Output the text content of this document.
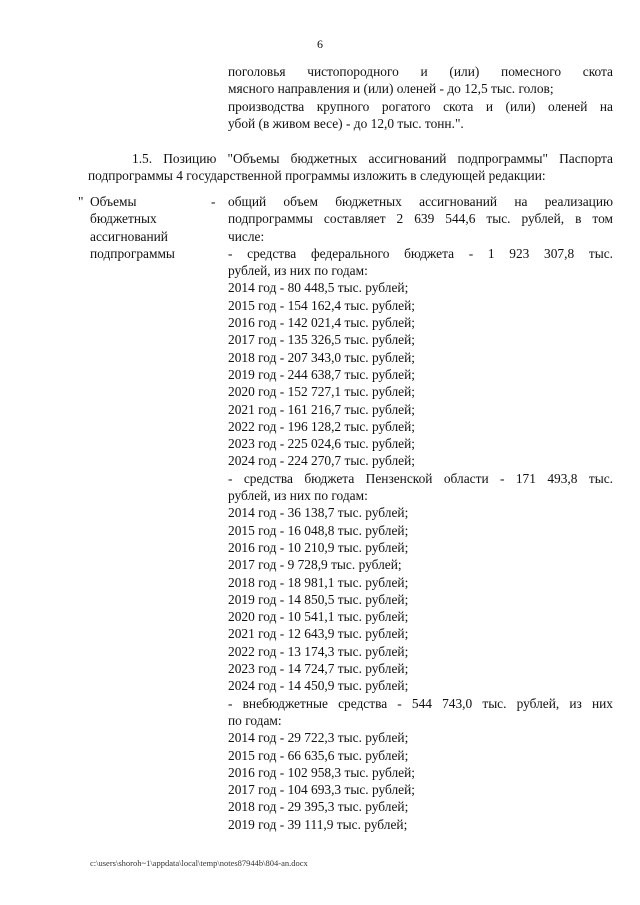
6
поголовья чистопородного и (или) помесного скота
мясного направления и (или) оленей - до 12,5 тыс. голов;
производства крупного рогатого скота и (или) оленей на
убой (в живом весе) - до 12,0 тыс. тонн.".
1.5. Позицию "Объемы бюджетных ассигнований подпрограммы" Паспорта
подпрограммы 4 государственной программы изложить в следующей редакции:
" Объемы
бюджетных
ассигнований
подпрограммы
- общий объем бюджетных ассигнований на реализацию
подпрограммы составляет 2 639 544,6 тыс. рублей, в том
числе:
- средства федерального бюджета - 1 923 307,8 тыс.
рублей, из них по годам:
2014 год - 80 448,5 тыс. рублей;
2015 год - 154 162,4 тыс. рублей;
2016 год - 142 021,4 тыс. рублей;
2017 год - 135 326,5 тыс. рублей;
2018 год - 207 343,0 тыс. рублей;
2019 год - 244 638,7 тыс. рублей;
2020 год - 152 727,1 тыс. рублей;
2021 год - 161 216,7 тыс. рублей;
2022 год - 196 128,2 тыс. рублей;
2023 год - 225 024,6 тыс. рублей;
2024 год - 224 270,7 тыс. рублей;
- средства бюджета Пензенской области - 171 493,8 тыс.
рублей, из них по годам:
2014 год - 36 138,7 тыс. рублей;
2015 год - 16 048,8 тыс. рублей;
2016 год - 10 210,9 тыс. рублей;
2017 год - 9 728,9 тыс. рублей;
2018 год - 18 981,1 тыс. рублей;
2019 год - 14 850,5 тыс. рублей;
2020 год - 10 541,1 тыс. рублей;
2021 год - 12 643,9 тыс. рублей;
2022 год - 13 174,3 тыс. рублей;
2023 год - 14 724,7 тыс. рублей;
2024 год - 14 450,9 тыс. рублей;
- внебюджетные средства - 544 743,0 тыс. рублей, из них
по годам:
2014 год - 29 722,3 тыс. рублей;
2015 год - 66 635,6 тыс. рублей;
2016 год - 102 958,3 тыс. рублей;
2017 год - 104 693,3 тыс. рублей;
2018 год - 29 395,3 тыс. рублей;
2019 год - 39 111,9 тыс. рублей;
c:\users\shoroh~1\appdata\local\temp\notes87944b\804-an.docx
